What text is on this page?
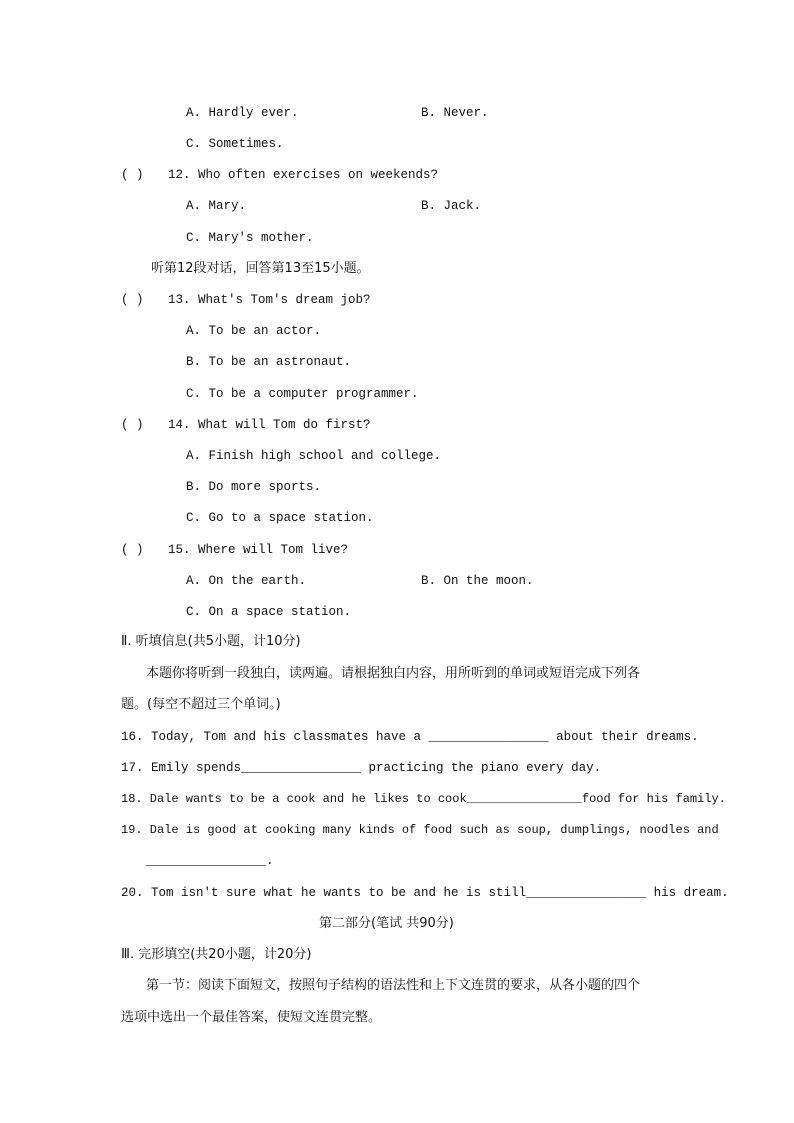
A. Hardly ever.	B. Never.
C. Sometimes.
( ) 12. Who often exercises on weekends?
A. Mary.	B. Jack.
C. Mary's mother.
听第12段对话，回答第13至15小题。
( ) 13. What's Tom's dream job?
A. To be an actor.
B. To be an astronaut.
C. To be a computer programmer.
( ) 14. What will Tom do first?
A. Finish high school and college.
B. Do more sports.
C. Go to a space station.
( ) 15. Where will Tom live?
A. On the earth.	B. On the moon.
C. On a space station.
Ⅱ. 听填信息(共5小题，计10分)
本题你将听到一段独白，读两遍。请根据独白内容，用所听到的单词或短语完成下列各
题。(每空不超过三个单词。)
16. Today, Tom and his classmates have a ________________ about their dreams.
17. Emily spends________________ practicing the piano every day.
18. Dale wants to be a cook and he likes to cook________________food for his family.
19. Dale is good at cooking many kinds of food such as soup, dumplings, noodles and
________________.
20. Tom isn't sure what he wants to be and he is still________________ his dream.
第二部分(笔试 共90分)
Ⅲ. 完形填空(共20小题，计20分)
第一节：阅读下面短文，按照句子结构的语法性和上下文连贯的要求，从各小题的四个
选项中选出一个最佳答案，使短文连贯完整。
